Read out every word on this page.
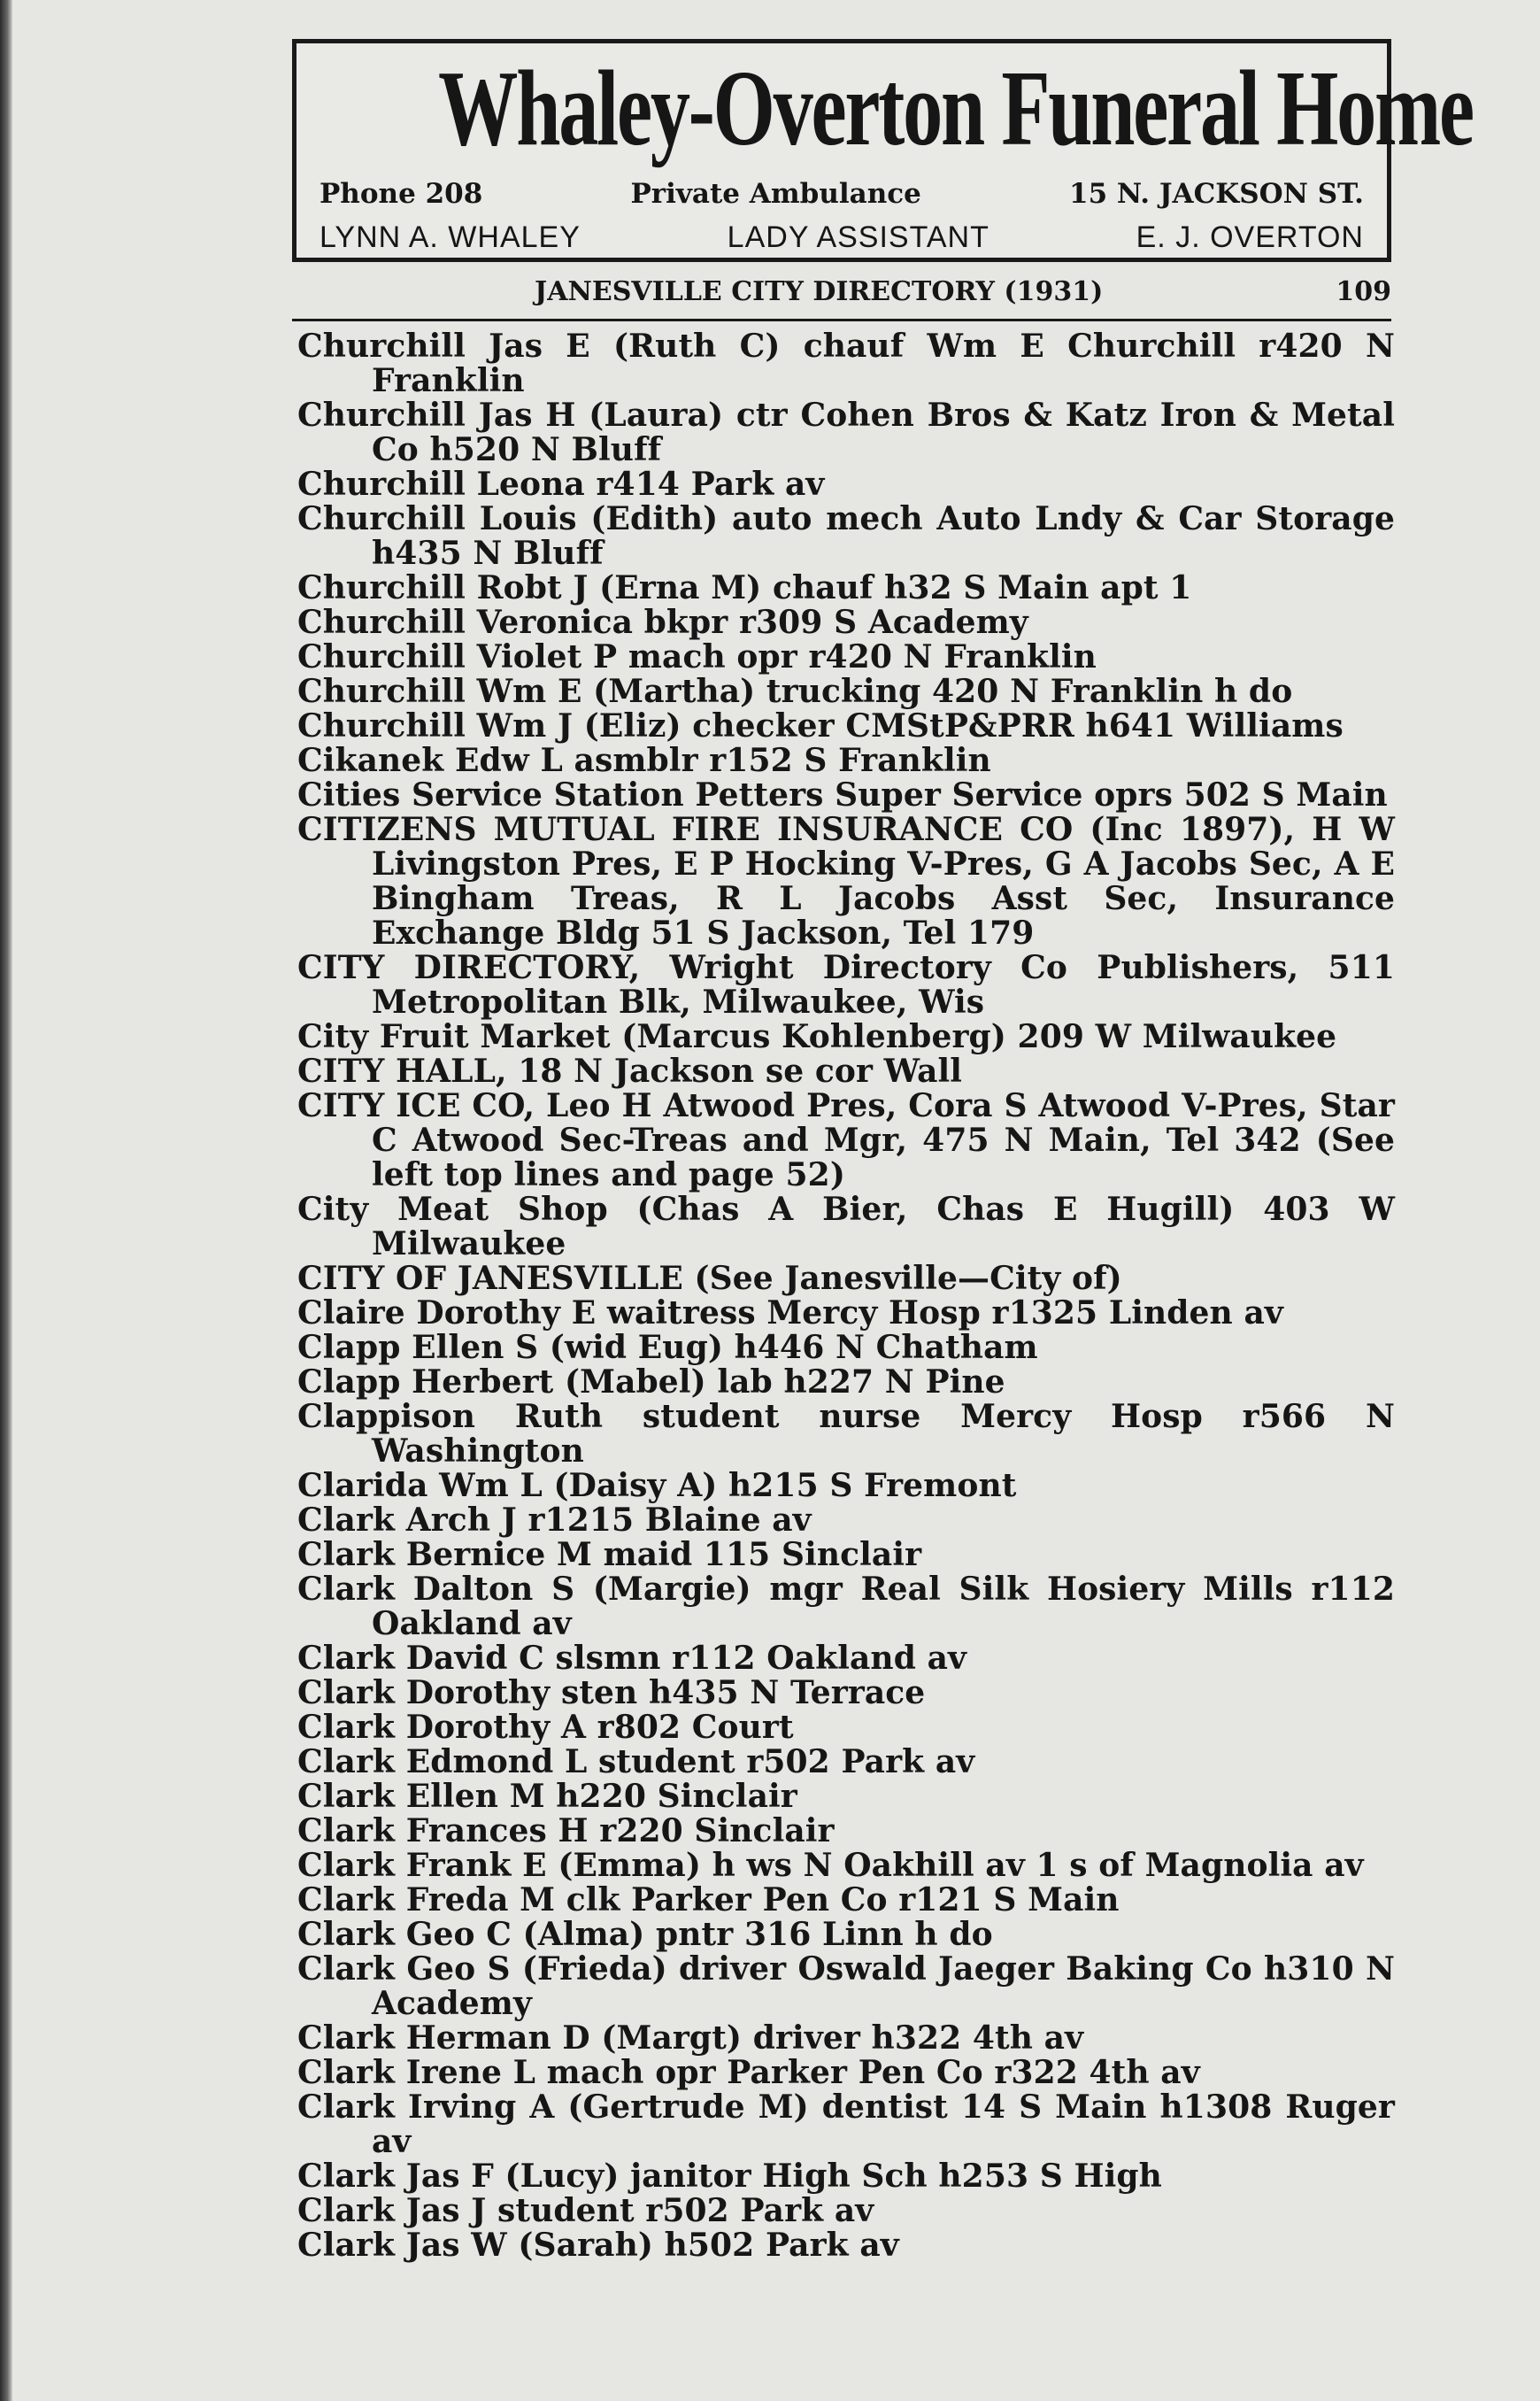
Whaley-Overton Funeral Home
Phone 208	Private Ambulance	15 N. JACKSON ST.
LYNN A. WHALEY	LADY ASSISTANT	E. J. OVERTON
JANESVILLE CITY DIRECTORY (1931)	109
Churchill Jas E (Ruth C) chauf Wm E Churchill r420 N Franklin
Churchill Jas H (Laura) ctr Cohen Bros & Katz Iron & Metal Co h520 N Bluff
Churchill Leona r414 Park av
Churchill Louis (Edith) auto mech Auto Lndy & Car Storage h435 N Bluff
Churchill Robt J (Erna M) chauf h32 S Main apt 1
Churchill Veronica bkpr r309 S Academy
Churchill Violet P mach opr r420 N Franklin
Churchill Wm E (Martha) trucking 420 N Franklin h do
Churchill Wm J (Eliz) checker CMStP&PRR h641 Williams
Cikanek Edw L asmblr r152 S Franklin
Cities Service Station Petters Super Service oprs 502 S Main
CITIZENS MUTUAL FIRE INSURANCE CO (Inc 1897), H W Livingston Pres, E P Hocking V-Pres, G A Jacobs Sec, A E Bingham Treas, R L Jacobs Asst Sec, Insurance Exchange Bldg 51 S Jackson, Tel 179
CITY DIRECTORY, Wright Directory Co Publishers, 511 Metropolitan Blk, Milwaukee, Wis
City Fruit Market (Marcus Kohlenberg) 209 W Milwaukee
CITY HALL, 18 N Jackson se cor Wall
CITY ICE CO, Leo H Atwood Pres, Cora S Atwood V-Pres, Star C Atwood Sec-Treas and Mgr, 475 N Main, Tel 342 (See left top lines and page 52)
City Meat Shop (Chas A Bier, Chas E Hugill) 403 W Milwaukee
CITY OF JANESVILLE (See Janesville—City of)
Claire Dorothy E waitress Mercy Hosp r1325 Linden av
Clapp Ellen S (wid Eug) h446 N Chatham
Clapp Herbert (Mabel) lab h227 N Pine
Clappison Ruth student nurse Mercy Hosp r566 N Washington
Clarida Wm L (Daisy A) h215 S Fremont
Clark Arch J r1215 Blaine av
Clark Bernice M maid 115 Sinclair
Clark Dalton S (Margie) mgr Real Silk Hosiery Mills r112 Oakland av
Clark David C slsmn r112 Oakland av
Clark Dorothy sten h435 N Terrace
Clark Dorothy A r802 Court
Clark Edmond L student r502 Park av
Clark Ellen M h220 Sinclair
Clark Frances H r220 Sinclair
Clark Frank E (Emma) h ws N Oakhill av 1 s of Magnolia av
Clark Freda M clk Parker Pen Co r121 S Main
Clark Geo C (Alma) pntr 316 Linn h do
Clark Geo S (Frieda) driver Oswald Jaeger Baking Co h310 N Academy
Clark Herman D (Margt) driver h322 4th av
Clark Irene L mach opr Parker Pen Co r322 4th av
Clark Irving A (Gertrude M) dentist 14 S Main h1308 Ruger av
Clark Jas F (Lucy) janitor High Sch h253 S High
Clark Jas J student r502 Park av
Clark Jas W (Sarah) h502 Park av
